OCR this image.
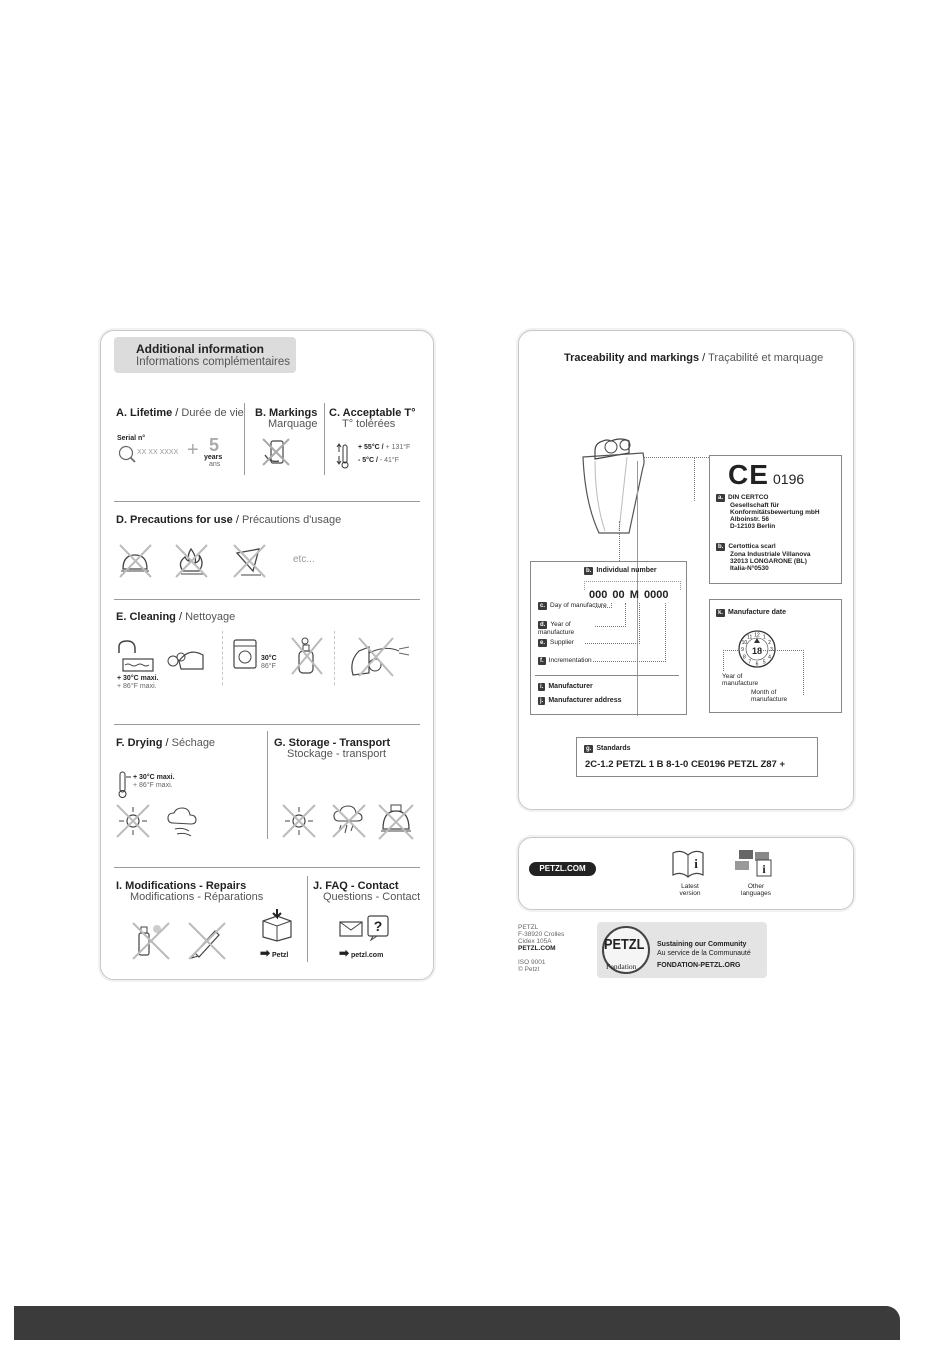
Additional information
Informations complémentaires
A. Lifetime / Durée de vie
Serial n°
XX XX XXXX + 5
years
ans
B. Markings
Marquage
C. Acceptable T°
T° tolérées
+ 55°C / + 131°F
- 5°C / - 41°F
D. Precautions for use / Précautions d'usage
etc...
E. Cleaning / Nettoyage
+ 30°C maxi.
+ 86°F maxi.
30°C
86°F
F. Drying / Séchage
+ 30°C maxi.
+ 86°F maxi.
G. Storage - Transport
Stockage - transport
I. Modifications - Repairs
Modifications - Réparations
➡ Petzl
J. FAQ - Contact
Questions - Contact
?
➡ petzl.com
Traceability and markings / Traçabilité et marquage
CE 0196
a. DIN CERTCO
Gesellschaft für
Konformitätsbewertung mbH
Alboinstr. 56
D-12103 Berlin
b. Certottica scarl
Zona Industriale Villanova
32013 LONGARONE (BL)
Italia-N°0530
b. Individual number
000 00 M 0000
c. Day of manufacture
d. Year of manufacture
e. Supplier
f. Incrementation
i. Manufacturer
j. Manufacturer address
k. Manufacture date
18
1
2
3
4
5
6
7
8
9
10
11 12
Year of manufacture
Month of manufacture
g. Standards
2C-1.2 PETZL 1 B 8-1-0 CE0196 PETZL Z87 +
PETZL.COM	i
Latest version
i
Other languages
PETZL
F-38920 Crolles
Cidex 105A
PETZL.COM

ISO 9001
© Petzl
PETZL
Fondation
Sustaining our Community
Au service de la Communauté
FONDATION-PETZL.ORG
